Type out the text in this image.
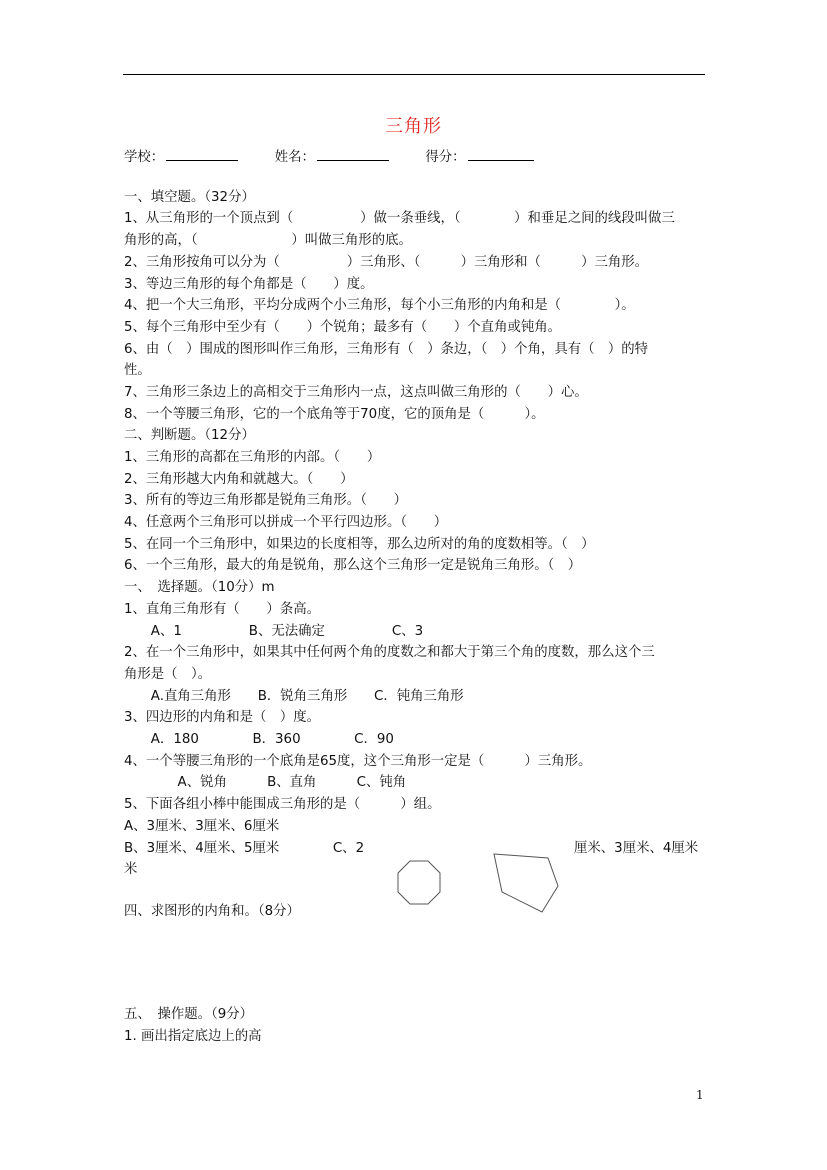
三角形
学校：	姓名：	得分：
一、填空题。（32分）
1、从三角形的一个顶点到（　　　　　）做一条垂线，（　　　　）和垂足之间的线段叫做三
角形的高，（　　　　　　　）叫做三角形的底。
2、三角形按角可以分为（　　　　　）三角形、（　　　）三角形和（　　　）三角形。
3、等边三角形的每个角都是（　　）度。
4、把一个大三角形，平均分成两个小三角形，每个小三角形的内角和是（　　　　）。
5、每个三角形中至少有（　　）个锐角；最多有（　　）个直角或钝角。
6、由（　）围成的图形叫作三角形，三角形有（　）条边，（　）个角，具有（　）的特
性。
7、三角形三条边上的高相交于三角形内一点，这点叫做三角形的（　　）心。
8、一个等腰三角形，它的一个底角等于70度，它的顶角是（　　　）。
二、判断题。（12分）
1、三角形的高都在三角形的内部。（　　）
2、三角形越大内角和就越大。（　　）
3、所有的等边三角形都是锐角三角形。（　　）
4、任意两个三角形可以拼成一个平行四边形。（　　）
5、在同一个三角形中，如果边的长度相等，那么边所对的角的度数相等。（　）
6、一个三角形，最大的角是锐角，那么这个三角形一定是锐角三角形。（　）
一、　选择题。（10分）m
1、直角三角形有（　　）条高。
　　A、1　　　　　B、无法确定　　　　　C、3
2、在一个三角形中，如果其中任何两个角的度数之和都大于第三个角的度数，那么这个三
角形是（　）。
　　A.直角三角形　　B．锐角三角形　　C．钝角三角形
3、四边形的内角和是（　）度。
　　A．180　　　　B．360　　　　C．90
4、一个等腰三角形的一个底角是65度，这个三角形一定是（　　　）三角形。
　　　　A、锐角　　　B、直角　　　C、钝角
5、下面各组小棒中能围成三角形的是（　　　）组。
A、3厘米、3厘米、6厘米
B、3厘米、4厘米、5厘米　　　　C、2	厘米、3厘米、4厘米
米
四、求图形的内角和。（8分）
五、　操作题。（9分）
1. 画出指定底边上的高
1
